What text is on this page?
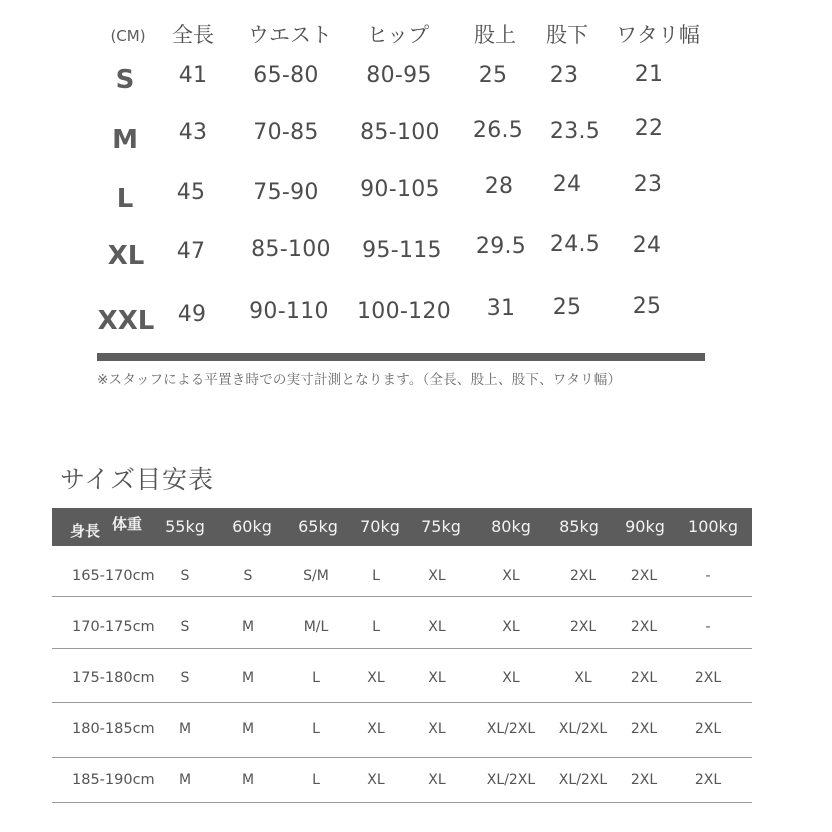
(CM) 全長 ウエスト ヒップ 股上 股下 ワタリ幅
S 41 65-80 80-95 25 23	21
M 43 70-85 85-100 26.5 23.5 22
L 45 75-90 90-105 28 24 23
XL 47 85-100 95-115 29.5 24.5 24
XXL 49 90-110 100-120 31 25 25
※スタッフによる平置き時での実寸計測となります。（全長、股上、股下、ワタリ幅）
サイズ目安表
身長 体重 55kg 60kg 65kg 70kg 75kg 80kg 85kg 90kg 100kg
165-170cm S	S	S/M	L	XL	XL	2XL 2XL	-
170-175cm S	M	M/L	L	XL	XL	2XL 2XL	-
175-180cm S	M	L	XL	XL	XL	XL	2XL	2XL
180-185cm M	M	L	XL	XL	XL/2XL XL/2XL 2XL	2XL
185-190cm M	M	L	XL	XL	XL/2XL XL/2XL 2XL	2XL
